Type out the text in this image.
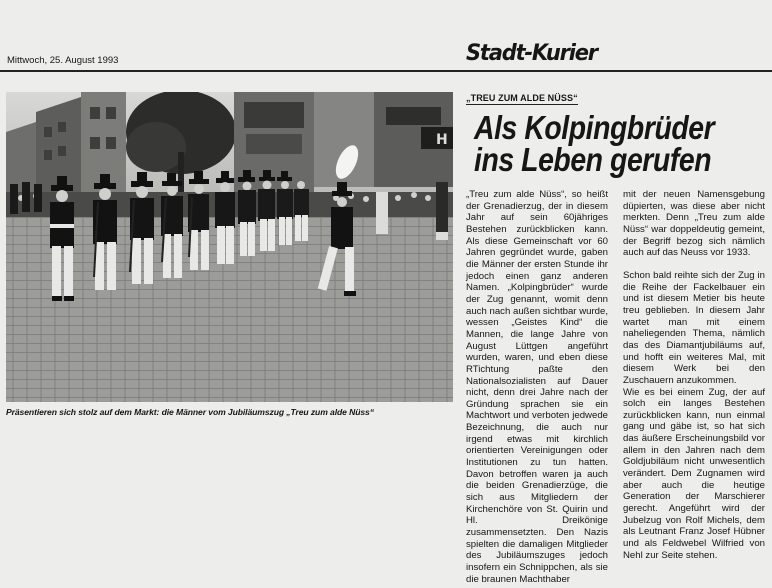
Mittwoch, 25. August 1993	Stadt-Kurier
H
Präsentieren sich stolz auf dem Markt: die Männer vom Jubiläumszug „Treu zum alde Nüss“
„TREU ZUM ALDE NÜSS“
Als Kolpingbrüder
ins Leben gerufen

„Treu zum alde Nüss“, so heißt der Grenadierzug, der in diesem Jahr auf sein 60jähriges Bestehen zurückblicken kann. Als diese Gemeinschaft vor 60 Jahren gegründet wurde, gaben die Männer der ersten Stunde ihr jedoch einen ganz anderen Namen. „Kolpingbrüder“ wurde der Zug genannt, womit denn auch nach außen sichtbar wurde, wessen „Geistes Kind“ die Mannen, die lange Jahre von August Lüttgen angeführt wurden, waren, und eben diese RTichtung paßte den Nationalsozialisten auf Dauer nicht, denn drei Jahre nach der Gründung sprachen sie ein Machtwort und verboten jedwede Bezeichnung, die auch nur irgend etwas mit kirchlich orientierten Vereinigungen oder Institutionen zu tun hatten. Davon betroffen waren ja auch die beiden Grenadierzüge, die sich aus Mitgliedern der Kirchenchöre von St. Quirin und Hl. Dreikönige zusammensetzten. Den Nazis spielten die damaligen Mitglieder des Jubiläumszuges jedoch insofern ein Schnippchen, als sie die braunen Machthaber

mit der neuen Namensgebung düpierten, was diese aber nicht merkten. Denn „Treu zum alde Nüss“ war doppeldeutig gemeint, der Begriff bezog sich nämlich auch auf das Neuss vor 1933.

Schon bald reihte sich der Zug in die Reihe der Fackelbauer ein und ist diesem Metier bis heute treu geblieben. In diesem Jahr wartet man mit einem naheliegenden Thema, nämlich das des Diamantjubiläums auf, und hofft ein weiteres Mal, mit diesem Werk bei den Zuschauern anzukommen.

Wie es bei einem Zug, der auf solch ein langes Bestehen zurückblicken kann, nun einmal gang und gäbe ist, so hat sich das äußere Erscheinungsbild vor allem in den Jahren nach dem Goldjubiläum nicht unwesentlich verändert. Dem Zugnamen wird aber auch die heutige Generation der Marschierer gerecht. Angeführt wird der Jubelzug von Rolf Michels, dem als Leutnant Franz Josef Hübner und als Feldwebel Wilfried von Nehl zur Seite stehen.
